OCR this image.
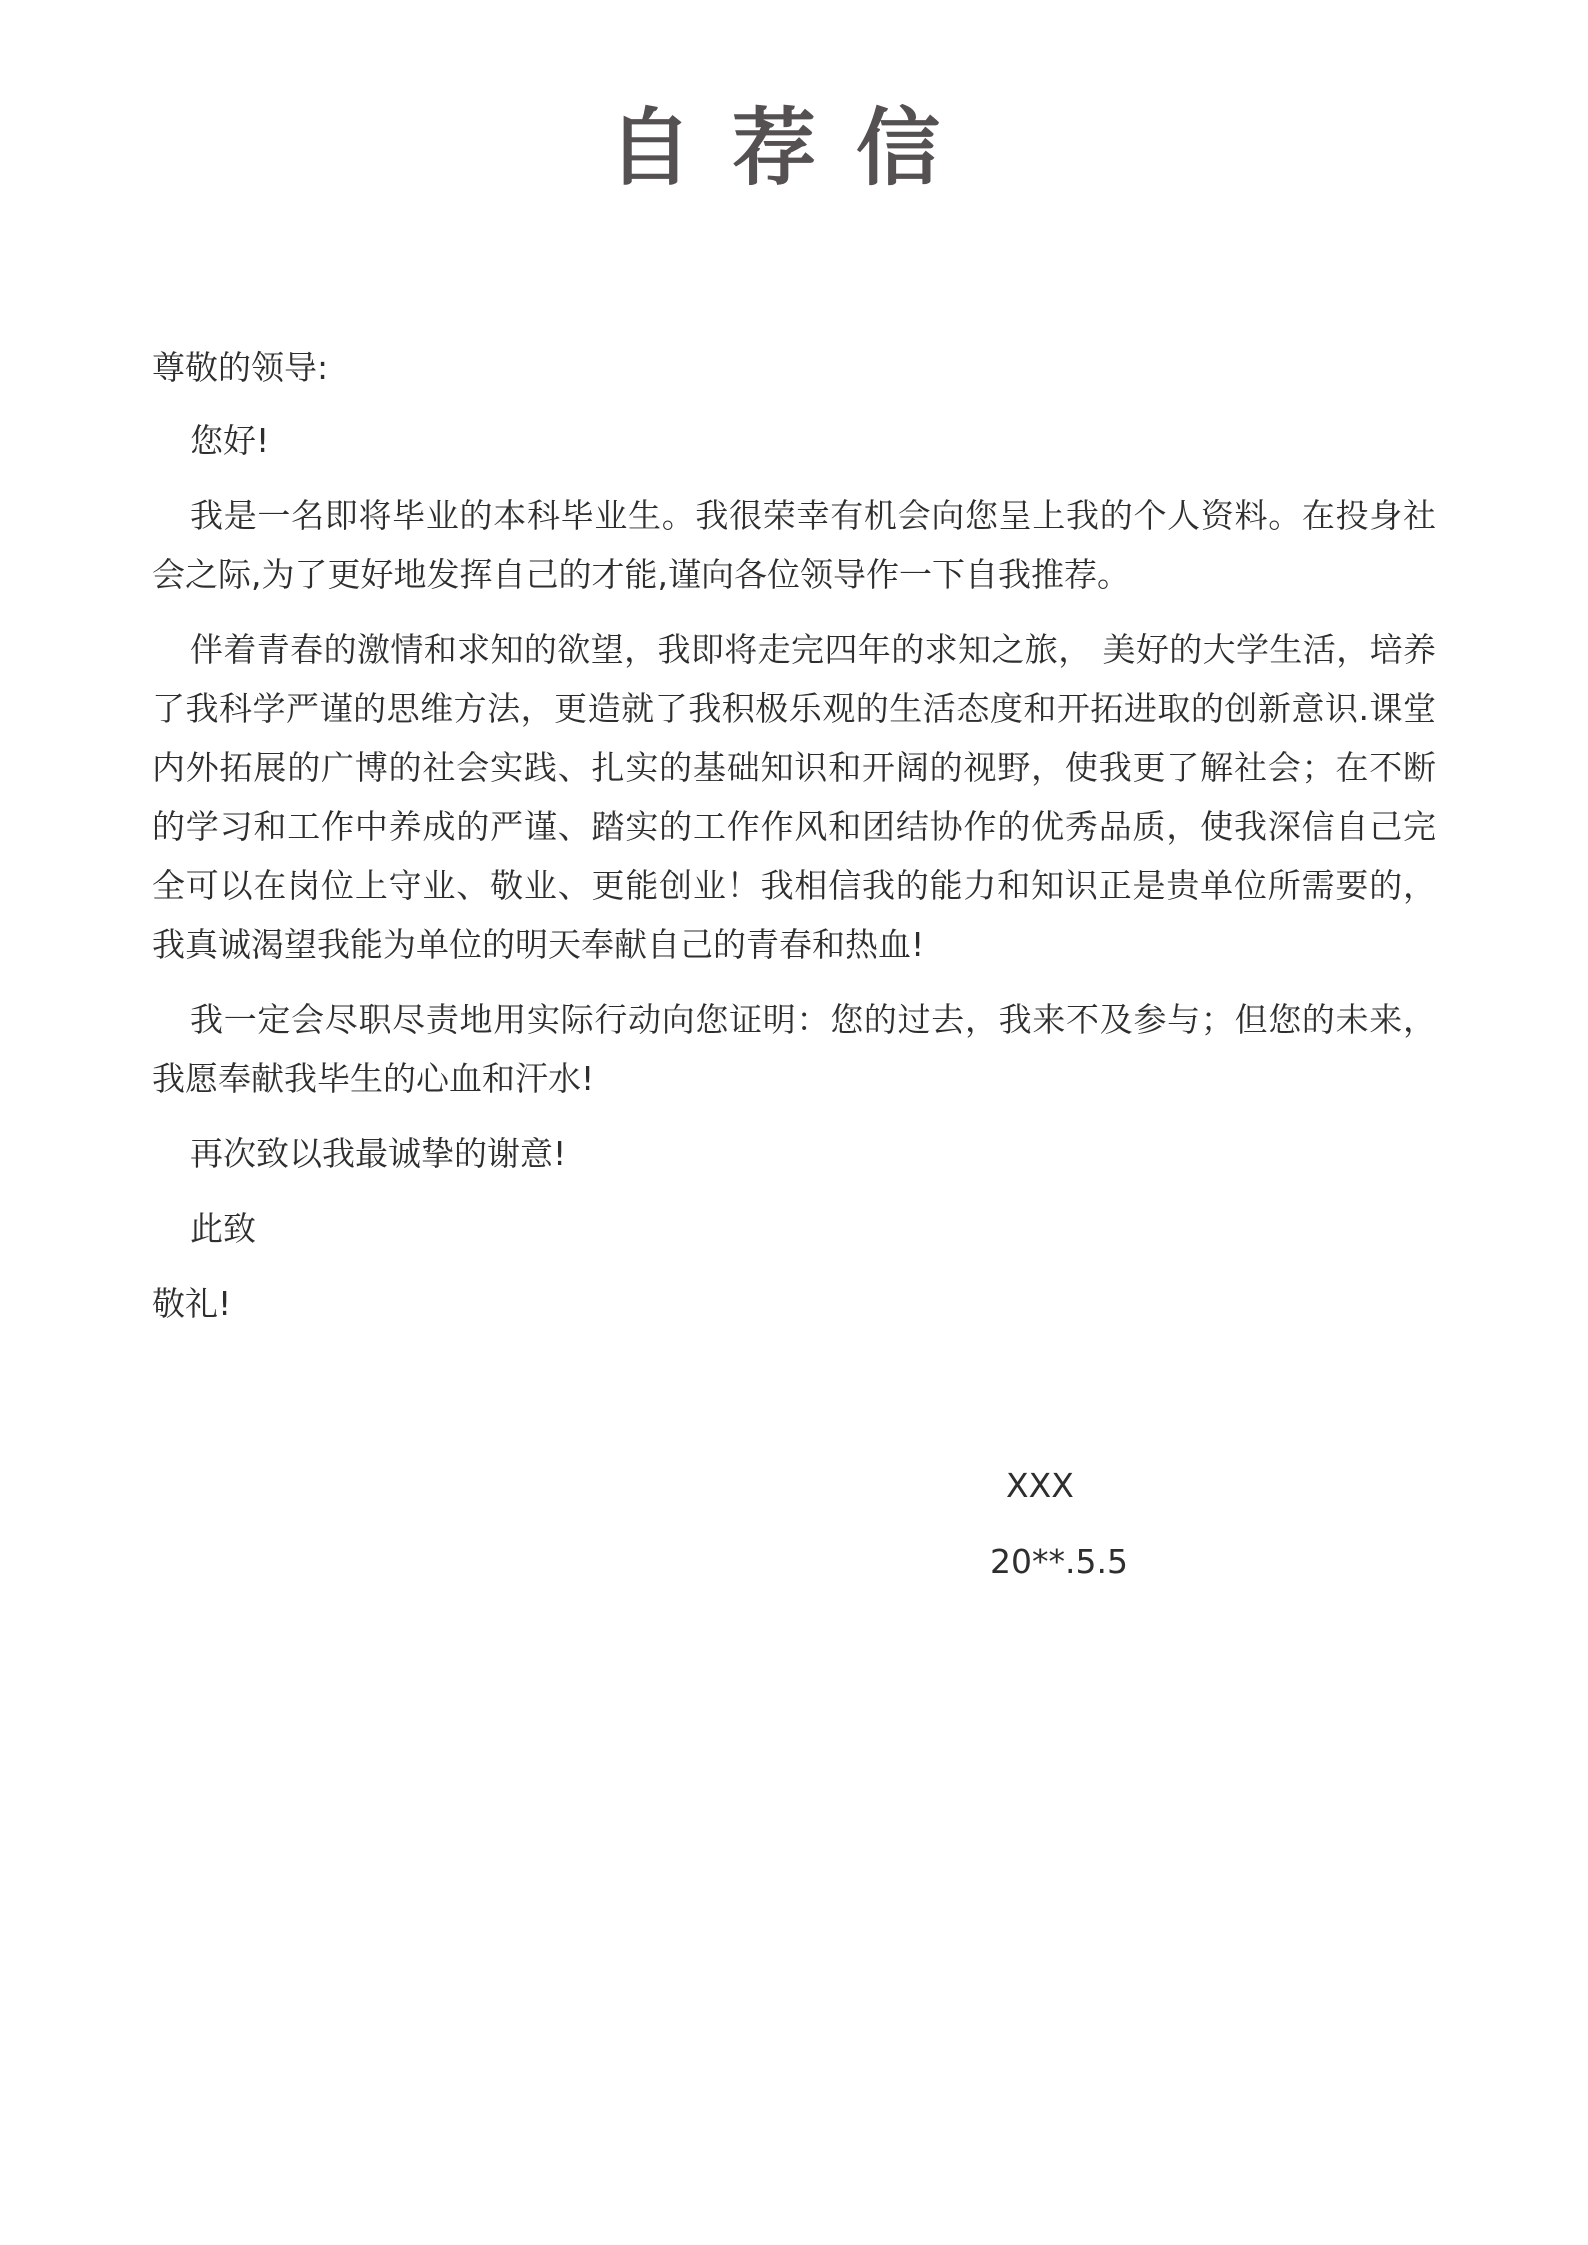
自荐信

尊敬的领导:

您好!

我是一名即将毕业的本科毕业生。我很荣幸有机会向您呈上我的个人资料。在投身社会之际,为了更好地发挥自己的才能,谨向各位领导作一下自我推荐。

伴着青春的激情和求知的欲望，我即将走完四年的求知之旅， 美好的大学生活，培养了我科学严谨的思维方法，更造就了我积极乐观的生活态度和开拓进取的创新意识.课堂内外拓展的广博的社会实践、扎实的基础知识和开阔的视野，使我更了解社会；在不断的学习和工作中养成的严谨、踏实的工作作风和团结协作的优秀品质，使我深信自己完全可以在岗位上守业、敬业、更能创业！我相信我的能力和知识正是贵单位所需要的，我真诚渴望我能为单位的明天奉献自己的青春和热血!

我一定会尽职尽责地用实际行动向您证明：您的过去，我来不及参与；但您的未来，我愿奉献我毕生的心血和汗水!

再次致以我最诚挚的谢意!

此致

敬礼!

XXX
20**.5.5
